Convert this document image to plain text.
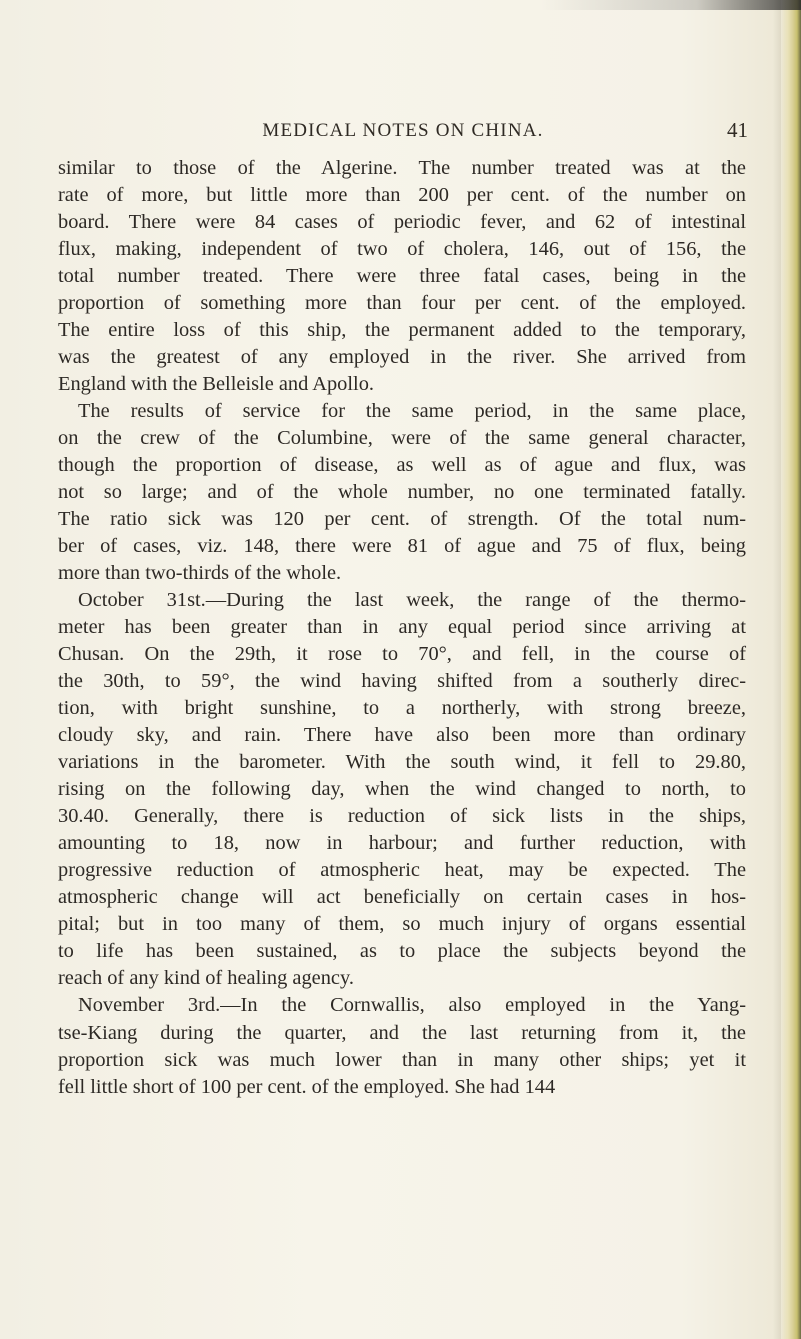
MEDICAL NOTES ON CHINA.	41
similar to those of the Algerine. The number treated was at the
rate of more, but little more than 200 per cent. of the number on
board. There were 84 cases of periodic fever, and 62 of intestinal
flux, making, independent of two of cholera, 146, out of 156, the
total number treated. There were three fatal cases, being in the
proportion of something more than four per cent. of the employed.
The entire loss of this ship, the permanent added to the temporary,
was the greatest of any employed in the river. She arrived from
England with the Belleisle and Apollo.
The results of service for the same period, in the same place,
on the crew of the Columbine, were of the same general character,
though the proportion of disease, as well as of ague and flux, was
not so large; and of the whole number, no one terminated fatally.
The ratio sick was 120 per cent. of strength. Of the total num-
ber of cases, viz. 148, there were 81 of ague and 75 of flux, being
more than two-thirds of the whole.
October 31st.—During the last week, the range of the thermo-
meter has been greater than in any equal period since arriving at
Chusan. On the 29th, it rose to 70°, and fell, in the course of
the 30th, to 59°, the wind having shifted from a southerly direc-
tion, with bright sunshine, to a northerly, with strong breeze,
cloudy sky, and rain. There have also been more than ordinary
variations in the barometer. With the south wind, it fell to 29.80,
rising on the following day, when the wind changed to north, to
30.40. Generally, there is reduction of sick lists in the ships,
amounting to 18, now in harbour; and further reduction, with
progressive reduction of atmospheric heat, may be expected. The
atmospheric change will act beneficially on certain cases in hos-
pital; but in too many of them, so much injury of organs essential
to life has been sustained, as to place the subjects beyond the
reach of any kind of healing agency.
November 3rd.—In the Cornwallis, also employed in the Yang-
tse-Kiang during the quarter, and the last returning from it, the
proportion sick was much lower than in many other ships; yet it
fell little short of 100 per cent. of the employed. She had 144
